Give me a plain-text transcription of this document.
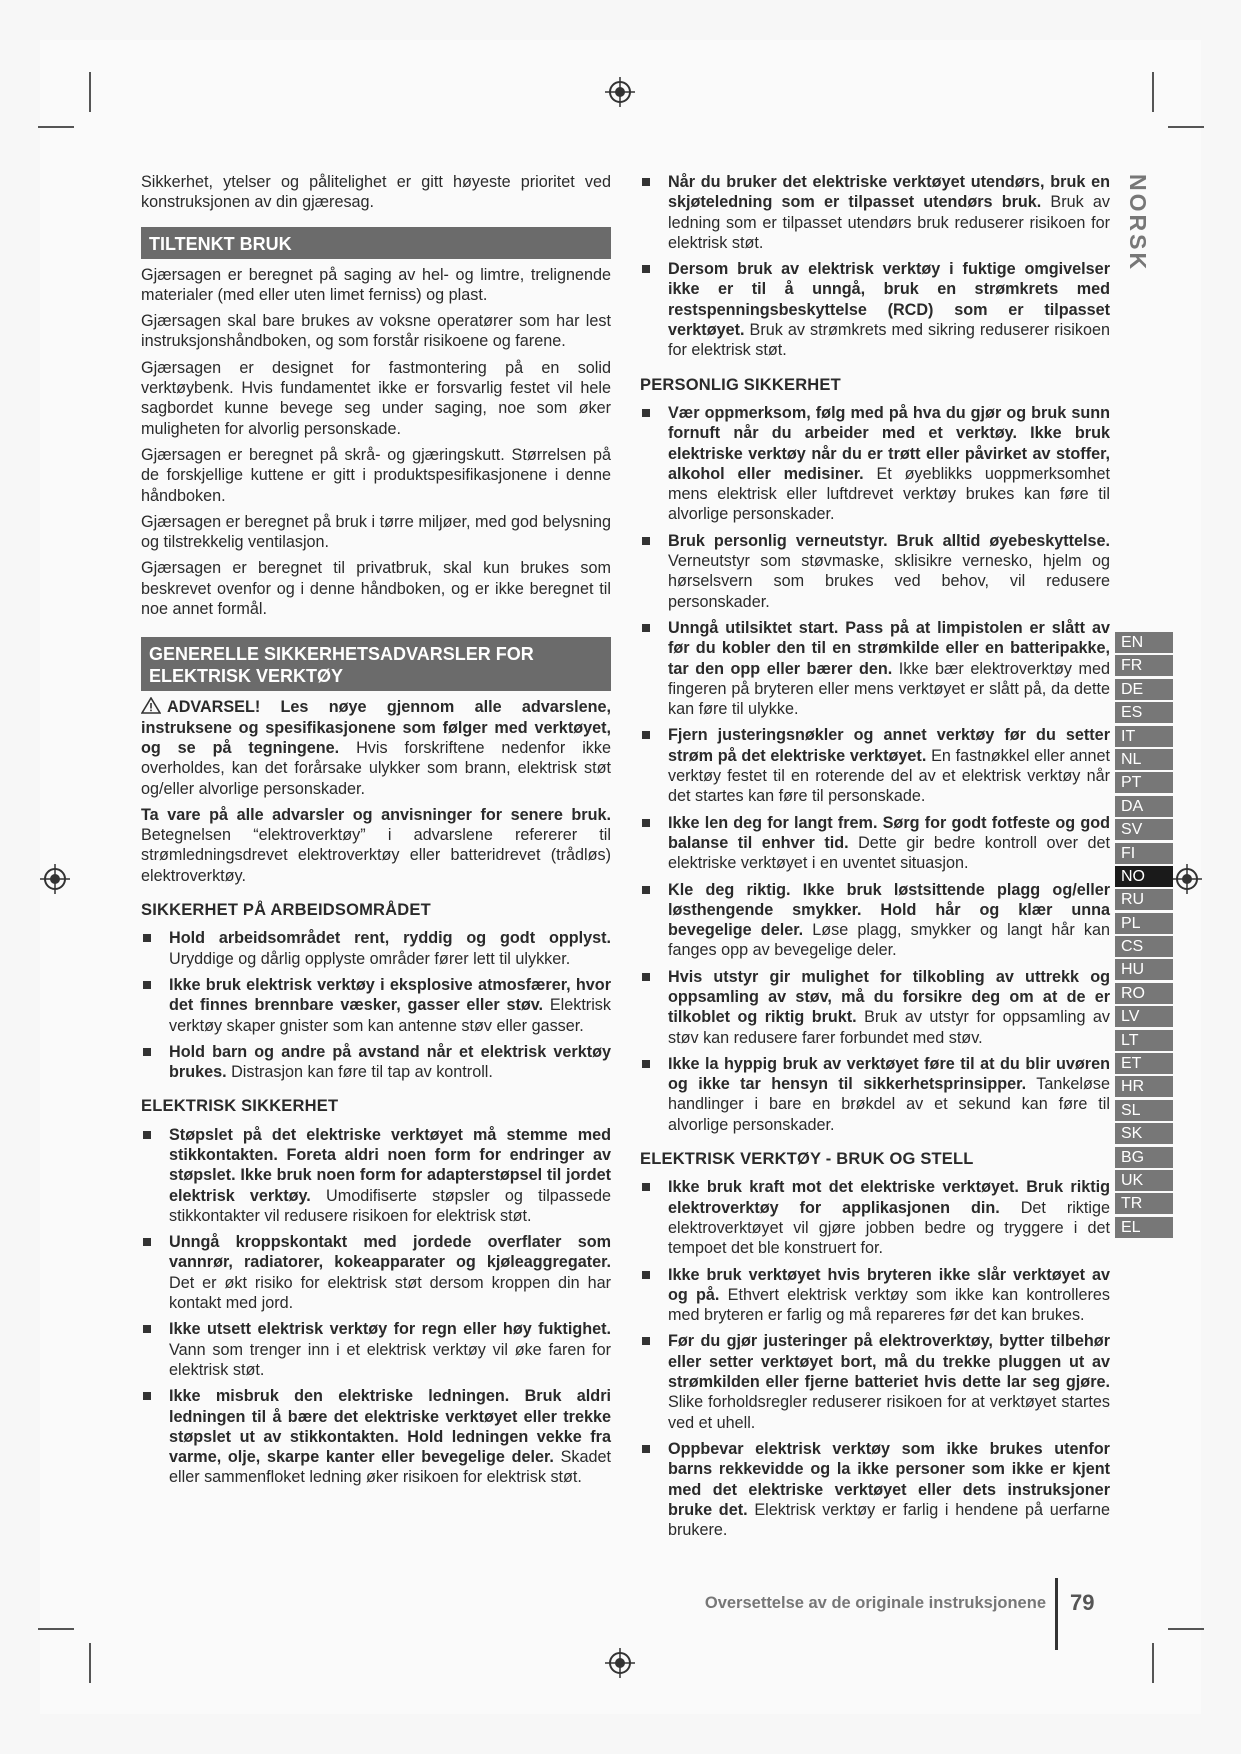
Sikkerhet, ytelser og pålitelighet er gitt høyeste prioritet ved konstruksjonen av din gjæresag.

TILTENKT BRUK

Gjærsagen er beregnet på saging av hel- og limtre, trelignende materialer (med eller uten limet ferniss) og plast.

Gjærsagen skal bare brukes av voksne operatører som har lest instruksjonshåndboken, og som forstår risikoene og farene.

Gjærsagen er designet for fastmontering på en solid verktøybenk. Hvis fundamentet ikke er forsvarlig festet vil hele sagbordet kunne bevege seg under saging, noe som øker muligheten for alvorlig personskade.

Gjærsagen er beregnet på skrå- og gjæringskutt. Størrelsen på de forskjellige kuttene er gitt i produktspesifikasjonene i denne håndboken.

Gjærsagen er beregnet på bruk i tørre miljøer, med god belysning og tilstrekkelig ventilasjon.

Gjærsagen er beregnet til privatbruk, skal kun brukes som beskrevet ovenfor og i denne håndboken, og er ikke beregnet til noe annet formål.

GENERELLE SIKKERHETSADVARSLER FOR ELEKTRISK VERKTØY

ADVARSEL! Les nøye gjennom alle advarslene, instruksene og spesifikasjonene som følger med verktøyet, og se på tegningene. Hvis forskriftene nedenfor ikke overholdes, kan det forårsake ulykker som brann, elektrisk støt og/eller alvorlige personskader.

Ta vare på alle advarsler og anvisninger for senere bruk. Betegnelsen “elektroverktøy” i advarslene refererer til strømledningsdrevet elektroverktøy eller batteridrevet (trådløs) elektroverktøy.

SIKKERHET PÅ ARBEIDSOMRÅDET
Hold arbeidsområdet rent, ryddig og godt opplyst. Uryddige og dårlig opplyste områder fører lett til ulykker.
Ikke bruk elektrisk verktøy i eksplosive atmosfærer, hvor det finnes brennbare væsker, gasser eller støv. Elektrisk verktøy skaper gnister som kan antenne støv eller gasser.
Hold barn og andre på avstand når et elektrisk verktøy brukes. Distrasjon kan føre til tap av kontroll.
ELEKTRISK SIKKERHET
Støpslet på det elektriske verktøyet må stemme med stikkontakten. Foreta aldri noen form for endringer av støpslet. Ikke bruk noen form for adapterstøpsel til jordet elektrisk verktøy. Umodifiserte støpsler og tilpassede stikkontakter vil redusere risikoen for elektrisk støt.
Unngå kroppskontakt med jordede overflater som vannrør, radiatorer, kokeapparater og kjøleaggregater. Det er økt risiko for elektrisk støt dersom kroppen din har kontakt med jord.
Ikke utsett elektrisk verktøy for regn eller høy fuktighet. Vann som trenger inn i et elektrisk verktøy vil øke faren for elektrisk støt.
Ikke misbruk den elektriske ledningen. Bruk aldri ledningen til å bære det elektriske verktøyet eller trekke støpslet ut av stikkontakten. Hold ledningen vekke fra varme, olje, skarpe kanter eller bevegelige deler. Skadet eller sammenfloket ledning øker risikoen for elektrisk støt.
Når du bruker det elektriske verktøyet utendørs, bruk en skjøteledning som er tilpasset utendørs bruk. Bruk av ledning som er tilpasset utendørs bruk reduserer risikoen for elektrisk støt.
Dersom bruk av elektrisk verktøy i fuktige omgivelser ikke er til å unngå, bruk en strømkrets med restspenningsbeskyttelse (RCD) som er tilpasset verktøyet. Bruk av strømkrets med sikring reduserer risikoen for elektrisk støt.
PERSONLIG SIKKERHET
Vær oppmerksom, følg med på hva du gjør og bruk sunn fornuft når du arbeider med et verktøy. Ikke bruk elektriske verktøy når du er trøtt eller påvirket av stoffer, alkohol eller medisiner. Et øyeblikks uoppmerksomhet mens elektrisk eller luftdrevet verktøy brukes kan føre til alvorlige personskader.
Bruk personlig verneutstyr. Bruk alltid øyebeskyttelse. Verneutstyr som støvmaske, sklisikre vernesko, hjelm og hørselsvern som brukes ved behov, vil redusere personskader.
Unngå utilsiktet start. Pass på at limpistolen er slått av før du kobler den til en strømkilde eller en batteripakke, tar den opp eller bærer den. Ikke bær elektroverktøy med fingeren på bryteren eller mens verktøyet er slått på, da dette kan føre til ulykke.
Fjern justeringsnøkler og annet verktøy før du setter strøm på det elektriske verktøyet. En fastnøkkel eller annet verktøy festet til en roterende del av et elektrisk verktøy når det startes kan føre til personskade.
Ikke len deg for langt frem. Sørg for godt fotfeste og god balanse til enhver tid. Dette gir bedre kontroll over det elektriske verktøyet i en uventet situasjon.
Kle deg riktig. Ikke bruk løstsittende plagg og/eller løsthengende smykker. Hold hår og klær unna bevegelige deler. Løse plagg, smykker og langt hår kan fanges opp av bevegelige deler.
Hvis utstyr gir mulighet for tilkobling av uttrekk og oppsamling av støv, må du forsikre deg om at de er tilkoblet og riktig brukt. Bruk av utstyr for oppsamling av støv kan redusere farer forbundet med støv.
Ikke la hyppig bruk av verktøyet føre til at du blir uvøren og ikke tar hensyn til sikkerhetsprinsipper. Tankeløse handlinger i bare en brøkdel av et sekund kan føre til alvorlige personskader.
ELEKTRISK VERKTØY - BRUK OG STELL
Ikke bruk kraft mot det elektriske verktøyet. Bruk riktig elektroverktøy for applikasjonen din. Det riktige elektroverktøyet vil gjøre jobben bedre og tryggere i det tempoet det ble konstruert for.
Ikke bruk verktøyet hvis bryteren ikke slår verktøyet av og på. Ethvert elektrisk verktøy som ikke kan kontrolleres med bryteren er farlig og må repareres før det kan brukes.
Før du gjør justeringer på elektroverktøy, bytter tilbehør eller setter verktøyet bort, må du trekke pluggen ut av strømkilden eller fjerne batteriet hvis dette lar seg gjøre. Slike forholdsregler reduserer risikoen for at verktøyet startes ved et uhell.
Oppbevar elektrisk verktøy som ikke brukes utenfor barns rekkevidde og la ikke personer som ikke er kjent med det elektriske verktøyet eller dets instruksjoner bruke det. Elektrisk verktøy er farlig i hendene på uerfarne brukere.
NORSK
EN
FR
DE
ES
IT
NL
PT
DA
SV
FI
NO
RU
PL
CS
HU
RO
LV
LT
ET
HR
SL
SK
BG
UK
TR
EL
Oversettelse av de originale instruksjonene 79
